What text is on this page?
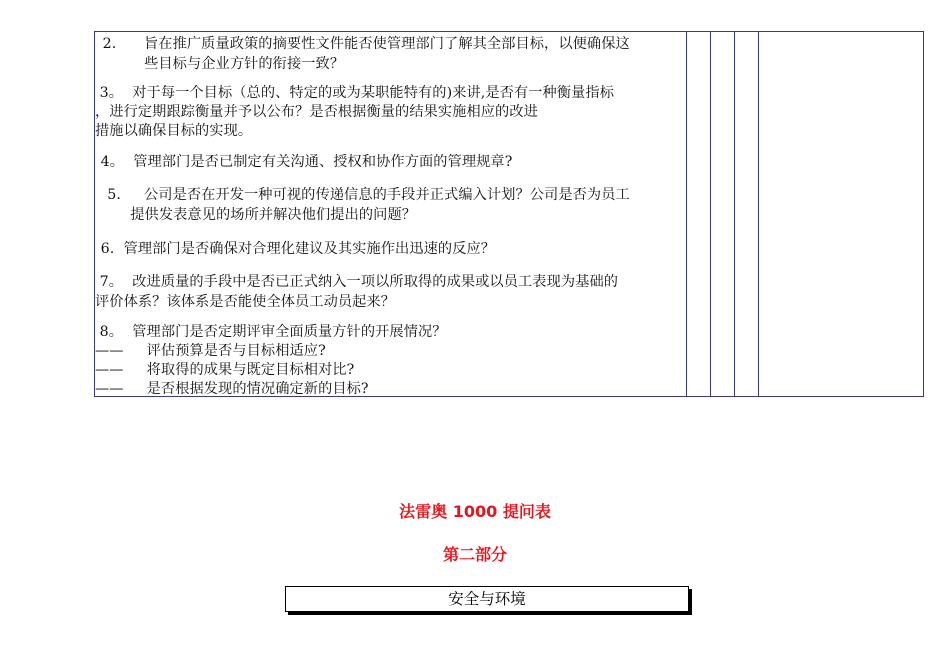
2.      旨在推广质量政策的摘要性文件能否使管理部门了解其全部目标，以便确保这
些目标与企业方针的衔接一致？
3。  对于每一个目标（总的、特定的或为某职能特有的)来讲,是否有一种衡量指标
，进行定期跟踪衡量并予以公布？是否根据衡量的结果实施相应的改进
措施以确保目标的实现。
4。  管理部门是否已制定有关沟通、授权和协作方面的管理规章?
5.     公司是否在开发一种可视的传递信息的手段并正式编入计划？公司是否为员工
提供发表意见的场所并解决他们提出的问题？
6.  管理部门是否确保对合理化建议及其实施作出迅速的反应？
7。  改进质量的手段中是否已正式纳入一项以所取得的成果或以员工表现为基础的
评价体系？该体系是否能使全体员工动员起来？
8。  管理部门是否定期评审全面质量方针的开展情况？
——     评估预算是否与目标相适应?
——     将取得的成果与既定目标相对比?
——     是否根据发现的情况确定新的目标?
法雷奥 1000 提问表
第二部分
安全与环境
